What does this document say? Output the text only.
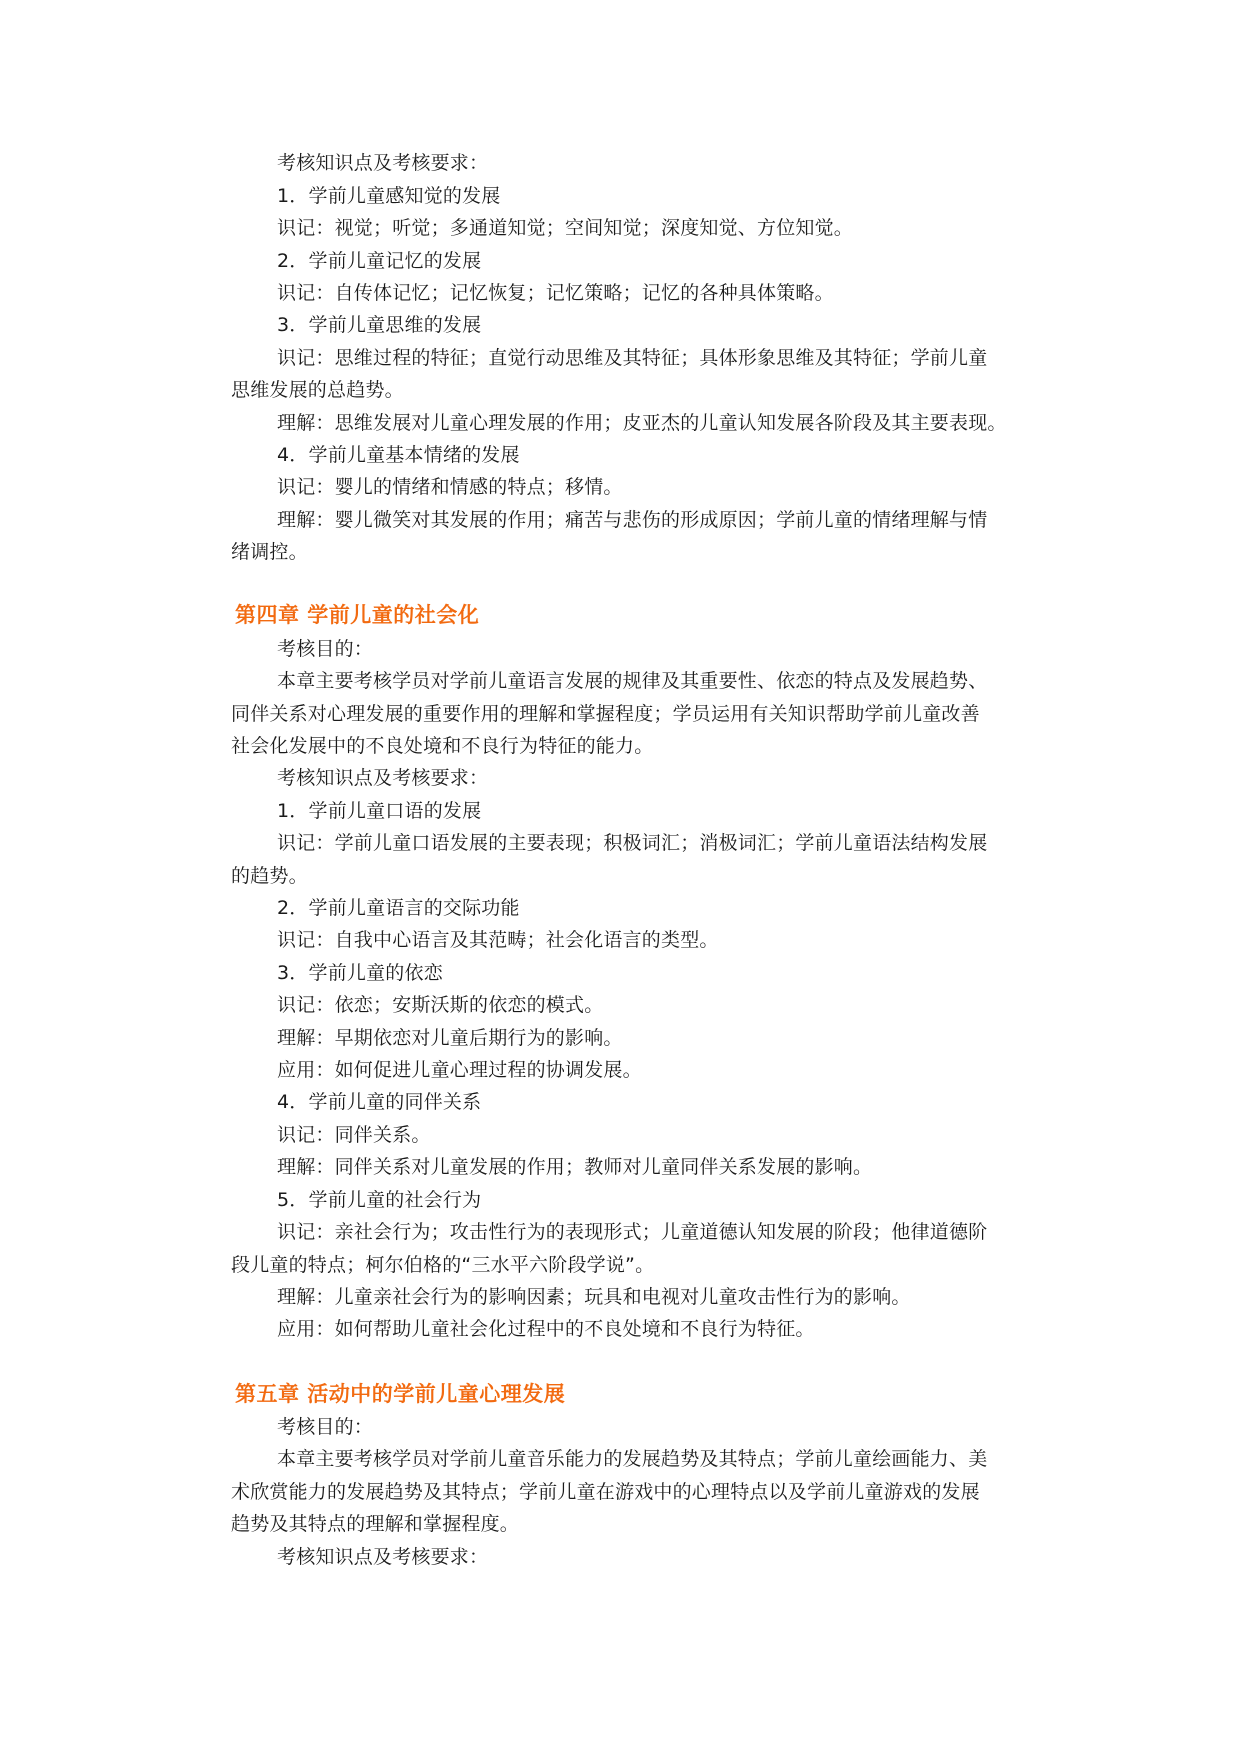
考核知识点及考核要求：
1．学前儿童感知觉的发展
识记：视觉；听觉；多通道知觉；空间知觉；深度知觉、方位知觉。
2．学前儿童记忆的发展
识记：自传体记忆；记忆恢复；记忆策略；记忆的各种具体策略。
3．学前儿童思维的发展
识记：思维过程的特征；直觉行动思维及其特征；具体形象思维及其特征；学前儿童
思维发展的总趋势。
理解：思维发展对儿童心理发展的作用；皮亚杰的儿童认知发展各阶段及其主要表现。
4．学前儿童基本情绪的发展
识记：婴儿的情绪和情感的特点；移情。
理解：婴儿微笑对其发展的作用；痛苦与悲伤的形成原因；学前儿童的情绪理解与情
绪调控。
第四章 学前儿童的社会化
考核目的：
本章主要考核学员对学前儿童语言发展的规律及其重要性、依恋的特点及发展趋势、
同伴关系对心理发展的重要作用的理解和掌握程度；学员运用有关知识帮助学前儿童改善
社会化发展中的不良处境和不良行为特征的能力。
考核知识点及考核要求：
1．学前儿童口语的发展
识记：学前儿童口语发展的主要表现；积极词汇；消极词汇；学前儿童语法结构发展
的趋势。
2．学前儿童语言的交际功能
识记：自我中心语言及其范畴；社会化语言的类型。
3．学前儿童的依恋
识记：依恋；安斯沃斯的依恋的模式。
理解：早期依恋对儿童后期行为的影响。
应用：如何促进儿童心理过程的协调发展。
4．学前儿童的同伴关系
识记：同伴关系。
理解：同伴关系对儿童发展的作用；教师对儿童同伴关系发展的影响。
5．学前儿童的社会行为
识记：亲社会行为；攻击性行为的表现形式；儿童道德认知发展的阶段；他律道德阶
段儿童的特点；柯尔伯格的“三水平六阶段学说”。
理解：儿童亲社会行为的影响因素；玩具和电视对儿童攻击性行为的影响。
应用：如何帮助儿童社会化过程中的不良处境和不良行为特征。
第五章 活动中的学前儿童心理发展
考核目的：
本章主要考核学员对学前儿童音乐能力的发展趋势及其特点；学前儿童绘画能力、美
术欣赏能力的发展趋势及其特点；学前儿童在游戏中的心理特点以及学前儿童游戏的发展
趋势及其特点的理解和掌握程度。
考核知识点及考核要求：
